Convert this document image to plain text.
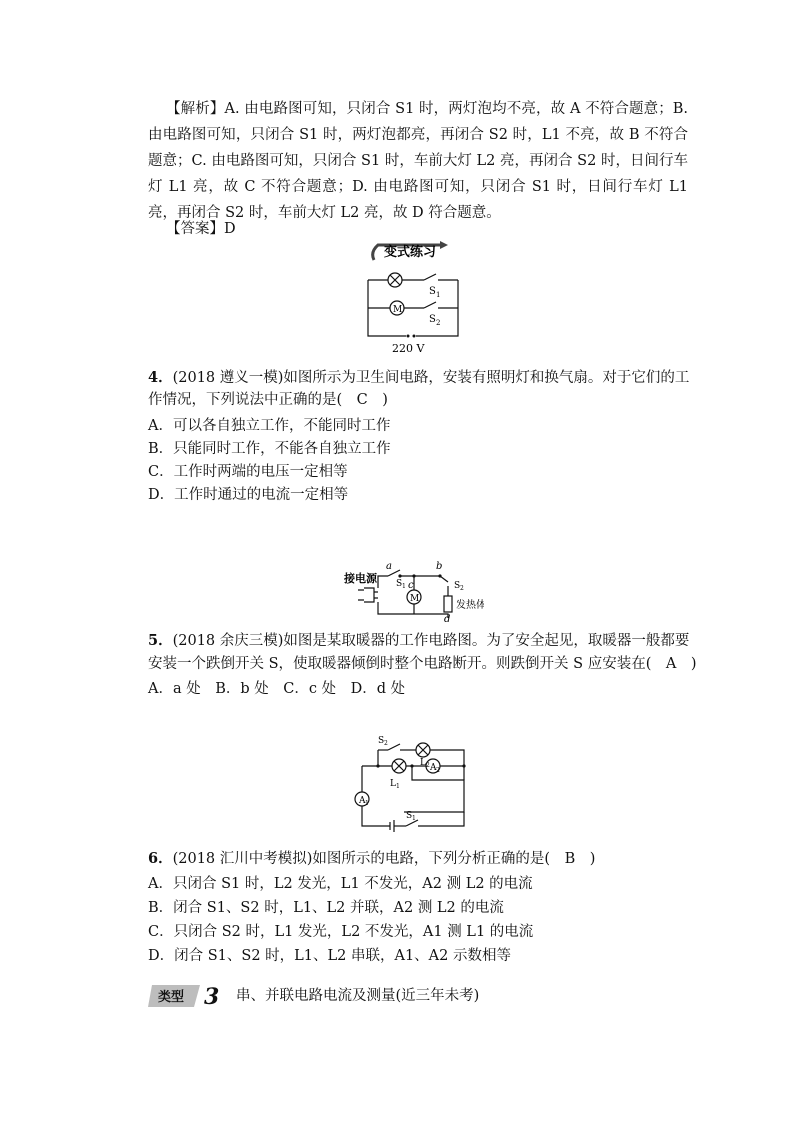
【解析】A. 由电路图可知，只闭合 S1 时，两灯泡均不亮，故 A 不符合题意；B. 由电路图可知，只闭合 S1 时，两灯泡都亮，再闭合 S2 时，L1 不亮，故 B 不符合题意；C. 由电路图可知，只闭合 S1 时，车前大灯 L2 亮，再闭合 S2 时，日间行车灯 L1 亮，故 C 不符合题意；D. 由电路图可知，只闭合 S1 时，日间行车灯 L1 亮，再闭合 S2 时，车前大灯 L2 亮，故 D 符合题意。
【答案】D
变式练习
M
S 1
S 2
220 V
4．(2018 遵义一模)如图所示为卫生间电路，安装有照明灯和换气扇。对于它们的工
作情况，下列说法中正确的是(　C　)
A．可以各自独立工作，不能同时工作
B．只能同时工作，不能各自独立工作
C．工作时两端的电压一定相等
D．工作时通过的电流一定相等
接电源
a	b
c
d
S 1	S 2
M
发热体
5．(2018 余庆三模)如图是某取暖器的工作电路图。为了安全起见，取暖器一般都要
安装一个跌倒开关 S，使取暖器倾倒时整个电路断开。则跌倒开关 S 应安装在(　A　)
A．a 处　B．b 处　C．c 处　D．d 处
A 2
A 1
S 2
L 2
L 1
S 1
6．(2018 汇川中考模拟)如图所示的电路，下列分析正确的是(　B　)
A．只闭合 S1 时，L2 发光，L1 不发光，A2 测 L2 的电流
B．闭合 S1、S2 时，L1、L2 并联，A2 测 L2 的电流
C．只闭合 S2 时，L1 发光，L2 不发光，A1 测 L1 的电流
D．闭合 S1、S2 时，L1、L2 串联，A1、A2 示数相等
类型 3 串、并联电路电流及测量(近三年未考)
